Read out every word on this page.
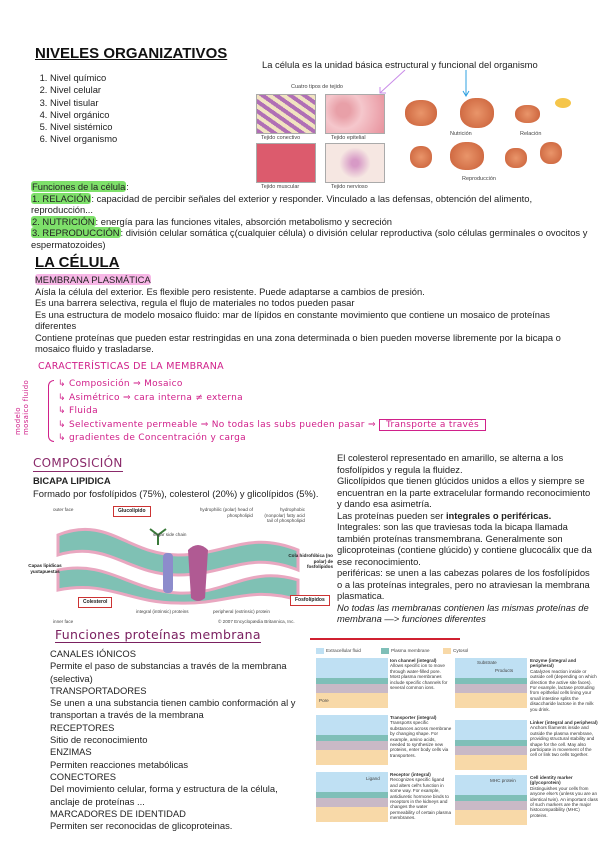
NIVELES ORGANIZATIVOS
1. Nivel químico
2. Nivel celular
3. Nivel tisular
4. Nivel orgánico
5. Nivel sistémico
6. Nivel organismo
La célula es la unidad básica estructural y funcional del organismo
Cuatro tipos de tejido
Tejido conectivo	Tejido epitelial
Tejido muscular	Tejido nervioso
Nutrición	Relación
Reproducción
Funciones de la célula:
1. RELACIÓN: capacidad de percibir señales del exterior y responder. Vinculado a las defensas, obtención del alimento, reproducción...
2. NUTRICIÓN: energía para las funciones vitales, absorción metabolismo y secreción
3. REPRODUCCIÓN: división celular somática ç(cualquier célula) o división celular reproductiva (solo células germinales o ovocitos y espermatozoides)
LA CÉLULA
MEMBRANA PLASMÁTICA
Aísla la célula del exterior. Es flexible pero resistente. Puede adaptarse a cambios de presión.
Es una barrera selectiva, regula el flujo de materiales no todos pueden pasar
Es una estructura de modelo mosaico fluido: mar de lípidos en constante movimiento que contiene un mosaico de proteínas diferentes
Contiene proteínas que pueden estar restringidas en una zona determinada o bien pueden moverse libremente por la bicapa o mosaico fluido y trasladarse.
CARACTERÍSTICAS DE LA MEMBRANA
modelo mosaico fluido	↳ Composición ⇒ Mosaico
↳ Asimétrico ⇒ cara interna ≠ externa
↳ Fluida
↳ Selectivamente permeable ⇒ No todas las subs pueden pasar ⇒ Transporte a través
↳ gradientes de Concentración y carga
COMPOSICIÓN
BICAPA LIPIDICA
Formado por fosfolípidos (75%), colesterol (20%) y glicolípidos (5%).
outer face	Glucolípido
sugar side chain
hydrophilic (polar) head of phospholipid
hydrophobic (nonpolar) fatty acid tail of phospholipid
Capas lipídicas yuxtapuestas
Cola hidrofóbica (no polar) de fosfolípidos
Colesterol
integral (intrinsic) proteins	peripheral (extrinsic) protein
Fosfolípidos
inner face	© 2007 Encyclopædia Britannica, Inc.
El colesterol representado en amarillo, se alterna a los fosfolípidos y regula la fluidez.
Glicolípidos que tienen glúcidos unidos a ellos y siempre se encuentran en la parte extracelular formando reconocimiento y dando esa asimetría.
Las proteínas pueden ser integrales o periféricas.
Integrales: son las que traviesas toda la bicapa llamada también proteínas transmembrana. Generalmente son glicoproteinas (contiene glúcido) y contiene glucocálix que da ese reconocimiento.
periféricas: se unen a las cabezas polares de los fosfolípidos o a las proteínas integrales, pero no atraviesan la membrana plasmatica.
No todas las membranas contienen las mismas proteínas de membrana —> funciones diferentes
Funciones proteínas membrana
CANALES IÓNICOS
Permite el paso de substancias a través de la membrana (selectiva)
TRANSPORTADORES
Se unen a una substancia tienen cambio conformación al y transportan a través de la membrana
RECEPTORES
Sitio de reconocimiento
ENZIMAS
Permiten reacciones metabólicas
CONECTORES
Del movimiento celular, forma y estructura de la célula, anclaje de proteínas ...
MARCADORES DE IDENTIDAD
Permiten ser reconocidas de glicoproteinas.
Extracellular fluid	Plasma membrane	Cytosol
Pore
Ion channel (integral)
Allows specific ion to move through water-filled pore. Most plasma membranes include specific channels for several common ions.
Transporter (integral)
Transports specific substances across membrane by changing shape. For example, amino acids, needed to synthesize new proteins, enter body cells via transporters.
Ligand
Receptor (integral)
Recognizes specific ligand and alters cell's function in some way. For example, antidiuretic hormone binds to receptors in the kidneys and changes the water permeability of certain plasma membranes.
Substrate
Products
Enzyme (integral and peripheral)
Catalyzes reaction inside or outside cell (depending on which direction the active site faces). For example, lactase protruding from epithelial cells lining your small intestine splits the disaccharide lactose in the milk you drink.
Linker (integral and peripheral)
Anchors filaments inside and outside the plasma membrane, providing structural stability and shape for the cell. May also participate in movement of the cell or link two cells together.
MHC protein
Cell identity marker (glycoprotein)
Distinguishes your cells from anyone else's (unless you are an identical twin). An important class of such markers are the major histocompatibility (MHC) proteins.
